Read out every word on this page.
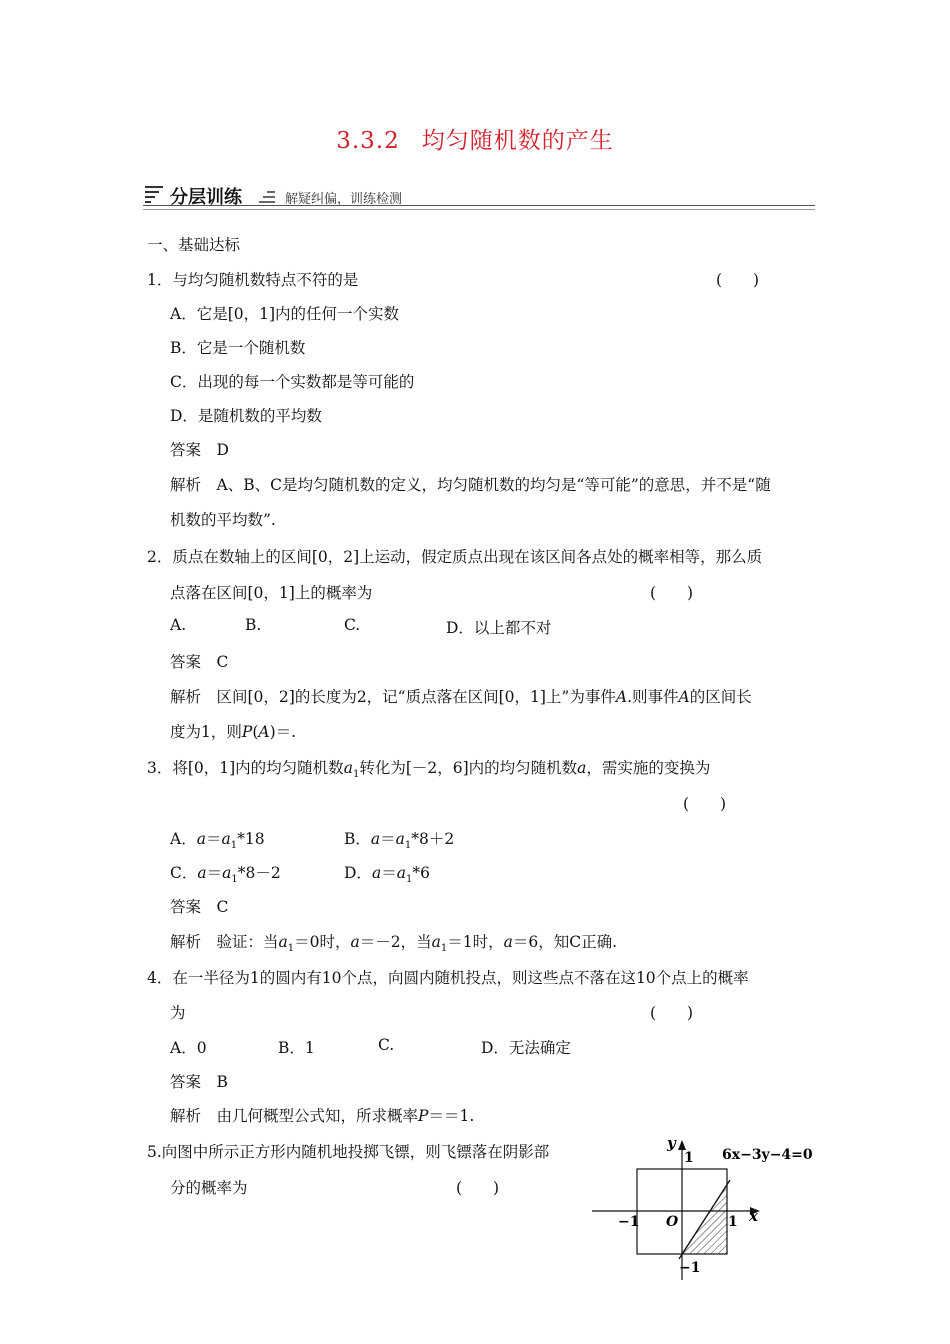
3.3.2 均匀随机数的产生
分层训练	解疑纠偏，训练检测
一、基础达标
1．与均匀随机数特点不符的是	(　　)
A．它是[0，1]内的任何一个实数
B．它是一个随机数
C．出现的每一个实数都是等可能的
D．是随机数的平均数
答案　D
解析　A、B、C是均匀随机数的定义，均匀随机数的均匀是“等可能”的意思，并不是“随
机数的平均数”.
2．质点在数轴上的区间[0，2]上运动，假定质点出现在该区间各点处的概率相等，那么质
点落在区间[0，1]上的概率为	(　　)
A.	B.	C.	D．以上都不对
答案　C
解析　区间[0，2]的长度为2，记“质点落在区间[0，1]上”为事件A.则事件A的区间长
度为1，则P(A)＝.
3．将[0，1]内的均匀随机数$a_1$转化为[－2，6]内的均匀随机数a，需实施的变换为
(　　)
A．$a=a_1*18$	B．$a=a_1*8+2$
C．$a=a_1*8-2$	D．$a=a_1*6$
答案　C
解析　验证：当$a_1=0$时，a＝－2，当$a_1=1$时，a＝6，知C正确.
4．在一半径为1的圆内有10个点，向圆内随机投点，则这些点不落在这10个点上的概率
为	(　　)
A．0	B．1	C.	D．无法确定
答案　B
解析　由几何概型公式知，所求概率P＝＝1.
5.向图中所示正方形内随机地投掷飞镖，则飞镖落在阴影部
分的概率为	(　　)
y
x
O
1
1
−1
−1
6x−3y−4=0
